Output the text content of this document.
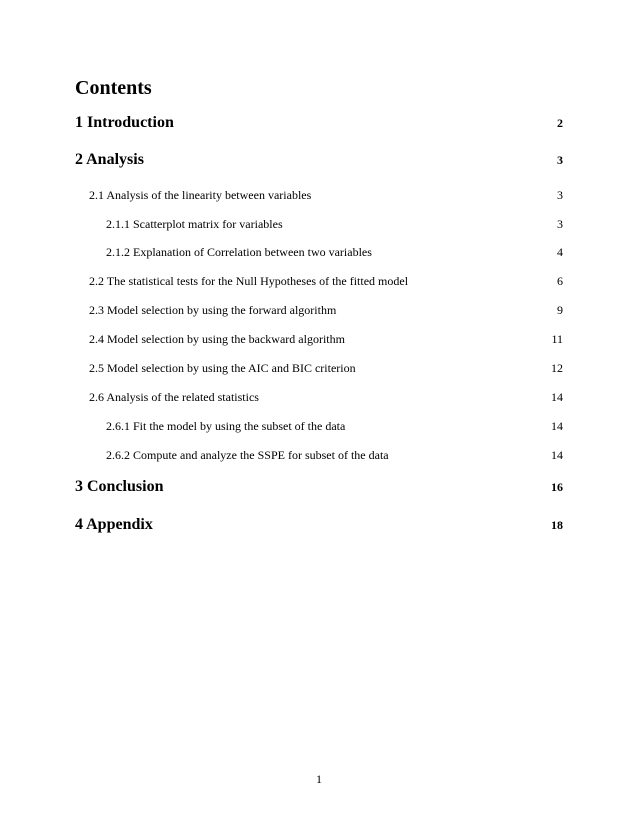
Contents
1 Introduction	2
2 Analysis	3
2.1 Analysis of the linearity between variables	3
2.1.1 Scatterplot matrix for variables	3
2.1.2 Explanation of Correlation between two variables	4
2.2 The statistical tests for the Null Hypotheses of the fitted model	6
2.3 Model selection by using the forward algorithm	9
2.4 Model selection by using the backward algorithm	11
2.5 Model selection by using the AIC and BIC criterion	12
2.6 Analysis of the related statistics	14
2.6.1 Fit the model by using the subset of the data	14
2.6.2 Compute and analyze the SSPE for subset of the data	14
3 Conclusion	16
4 Appendix	18
1
